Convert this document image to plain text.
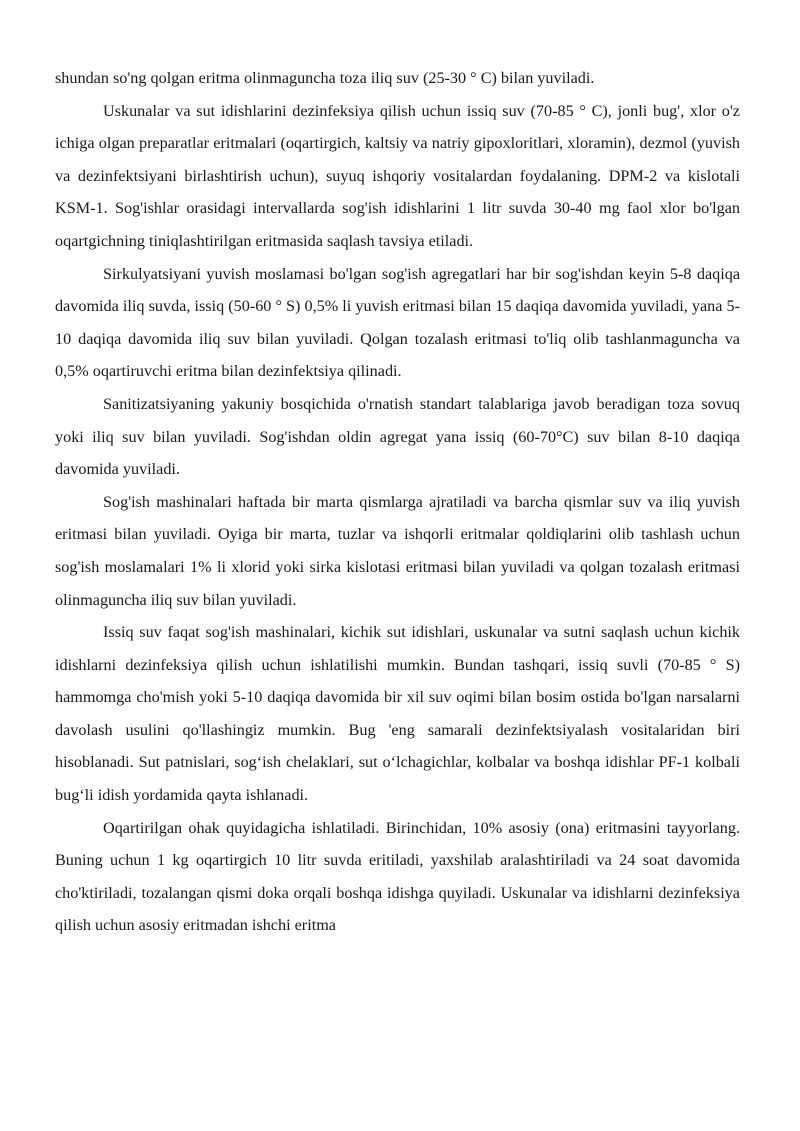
shundan so'ng qolgan eritma olinmaguncha toza iliq suv (25-30 ° C) bilan yuviladi.

Uskunalar va sut idishlarini dezinfeksiya qilish uchun issiq suv (70-85 ° C), jonli bug', xlor o'z ichiga olgan preparatlar eritmalari (oqartirgich, kaltsiy va natriy gipoxloritlari, xloramin), dezmol (yuvish va dezinfektsiyani birlashtirish uchun), suyuq ishqoriy vositalardan foydalaning. DPM-2 va kislotali KSM-1. Sog'ishlar orasidagi intervallarda sog'ish idishlarini 1 litr suvda 30-40 mg faol xlor bo'lgan oqartgichning tiniqlashtirilgan eritmasida saqlash tavsiya etiladi.

Sirkulyatsiyani yuvish moslamasi bo'lgan sog'ish agregatlari har bir sog'ishdan keyin 5-8 daqiqa davomida iliq suvda, issiq (50-60 ° S) 0,5% li yuvish eritmasi bilan 15 daqiqa davomida yuviladi, yana 5-10 daqiqa davomida iliq suv bilan yuviladi. Qolgan tozalash eritmasi to'liq olib tashlanmaguncha va 0,5% oqartiruvchi eritma bilan dezinfektsiya qilinadi.

Sanitizatsiyaning yakuniy bosqichida o'rnatish standart talablariga javob beradigan toza sovuq yoki iliq suv bilan yuviladi. Sog'ishdan oldin agregat yana issiq (60-70°C) suv bilan 8-10 daqiqa davomida yuviladi.

Sog'ish mashinalari haftada bir marta qismlarga ajratiladi va barcha qismlar suv va iliq yuvish eritmasi bilan yuviladi. Oyiga bir marta, tuzlar va ishqorli eritmalar qoldiqlarini olib tashlash uchun sog'ish moslamalari 1% li xlorid yoki sirka kislotasi eritmasi bilan yuviladi va qolgan tozalash eritmasi olinmaguncha iliq suv bilan yuviladi.

Issiq suv faqat sog'ish mashinalari, kichik sut idishlari, uskunalar va sutni saqlash uchun kichik idishlarni dezinfeksiya qilish uchun ishlatilishi mumkin. Bundan tashqari, issiq suvli (70-85 ° S) hammomga cho'mish yoki 5-10 daqiqa davomida bir xil suv oqimi bilan bosim ostida bo'lgan narsalarni davolash usulini qo'llashingiz mumkin. Bug 'eng samarali dezinfektsiyalash vositalaridan biri hisoblanadi. Sut patnislari, sog‘ish chelaklari, sut o‘lchagichlar, kolbalar va boshqa idishlar PF-1 kolbali bug‘li idish yordamida qayta ishlanadi.

Oqartirilgan ohak quyidagicha ishlatiladi. Birinchidan, 10% asosiy (ona) eritmasini tayyorlang. Buning uchun 1 kg oqartirgich 10 litr suvda eritiladi, yaxshilab aralashtiriladi va 24 soat davomida cho'ktiriladi, tozalangan qismi doka orqali boshqa idishga quyiladi. Uskunalar va idishlarni dezinfeksiya qilish uchun asosiy eritmadan ishchi eritma
